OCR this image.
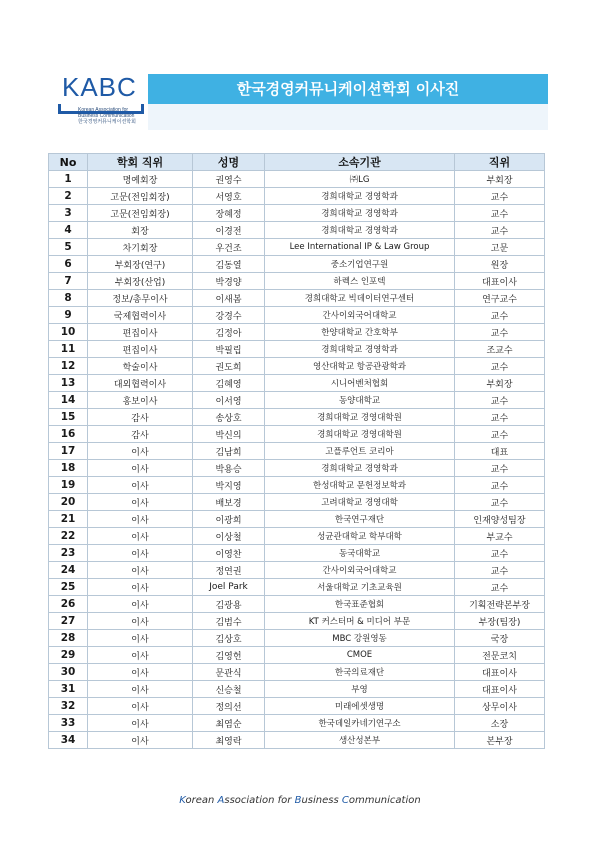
KABC
Korean Association for
Business Communication
한국경영커뮤니케이션학회
한국경영커뮤니케이션학회 이사진
No	학회 직위	성명	소속기관	직위
1	명예회장	권영수	㈜LG	부회장
2	고문(전임회장)	서영호	경희대학교 경영학과	교수
3	고문(전임회장)	장혜정	경희대학교 경영학과	교수
4	회장	이경전	경희대학교 경영학과	교수
5	차기회장	우건조	Lee International IP & Law Group	고문
6	부회장(연구)	김동열	중소기업연구원	원장
7	부회장(산업)	박경양	하렉스 인포텍	대표이사
8	정보/총무이사	이새봄	경희대학교 빅데이터연구센터	연구교수
9	국제협력이사	강경수	간사이외국어대학교	교수
10	편집이사	김정아	한양대학교 간호학부	교수
11	편집이사	박필립	경희대학교 경영학과	조교수
12	학술이사	권도희	영산대학교 항공관광학과	교수
13	대외협력이사	김혜영	시니어벤처협회	부회장
14	홍보이사	이서영	동양대학교	교수
15	감사	송상호	경희대학교 경영대학원	교수
16	감사	박신의	경희대학교 경영대학원	교수
17	이사	김남희	고플루언트 코리아	대표
18	이사	박용승	경희대학교 경영학과	교수
19	이사	박지영	한성대학교 문헌정보학과	교수
20	이사	배보경	고려대학교 경영대학	교수
21	이사	이광희	한국연구재단	인재양성팀장
22	이사	이상철	성균관대학교 학부대학	부교수
23	이사	이영찬	동국대학교	교수
24	이사	정연권	간사이외국어대학교	교수
25	이사	Joel Park	서울대학교 기초교육원	교수
26	이사	김광용	한국표준협회	기획전략본부장
27	이사	김범수	KT 커스터머 & 미디어 부문	부장(팀장)
28	이사	김상호	MBC 강원영동	국장
29	이사	김영헌	CMOE	전문코치
30	이사	문관식	한국의료재단	대표이사
31	이사	신승철	부영	대표이사
32	이사	정의선	미래에셋생명	상무이사
33	이사	최염순	한국데일카네기연구소	소장
34	이사	최영락	생산성본부	본부장
Korean Association for Business Communication
